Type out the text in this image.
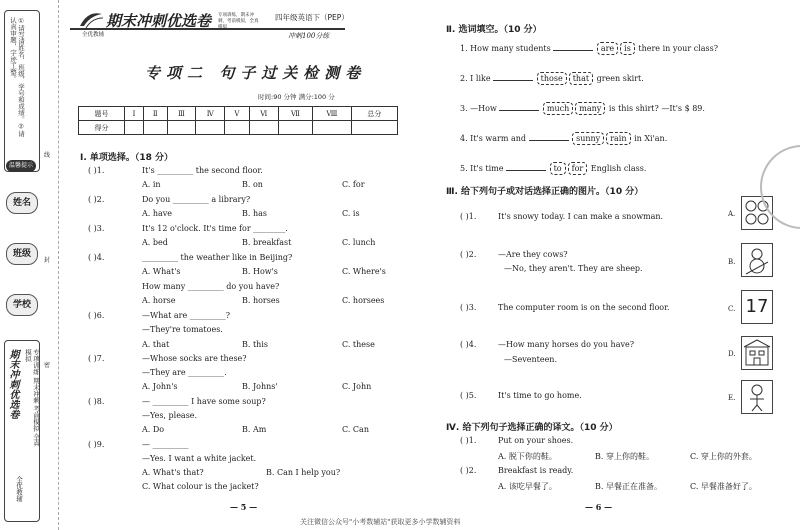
①请写清姓名、班级、学号和成绩。②请认真审题，字迹工整。
温馨提示
姓名
班级
学校
期末冲刺优选卷	专项训练 期末冲刺 考前模拟 全真模拟
全优教辅
线
封
密
全优教辅
期末冲刺优选卷 专项训练，期末冲刺，考前模拟，全真模拟
四年级英语下（PEP）
冲刺100分练
专项二 句子过关检测卷
时间:90 分钟 满分:100 分
题号	Ⅰ	Ⅱ	Ⅲ	Ⅳ	Ⅴ	Ⅵ	Ⅶ	Ⅷ	总分
得分									
Ⅰ. 单项选择。（18 分）
( )1.	It's _________ the second floor.
A. in	B. on	C. for
( )2.	Do you _________ a library?
A. have	B. has	C. is
( )3.	It's 12 o'clock. It's time for ________.
A. bed	B. breakfast	C. lunch
( )4.	_________ the weather like in Beijing?
A. What's	B. How's	C. Where's
How many _________ do you have?
A. horse	B. horses	C. horsees
( )6.	—What are _________?
—They're tomatoes.
A. that	B. this	C. these
( )7.	—Whose socks are these?
—They are _________.
A. John's	B. Johns'	C. John
( )8.	— _________ I have some soup?
—Yes, please.
A. Do	B. Am	C. Can
( )9.	— _________
—Yes. I want a white jacket.
A. What's that?	B. Can I help you?
C. What colour is the jacket?
— 5 —
Ⅱ. 选词填空。（10 分）
1. How many students	are is there in your class?
2. I like	those that green skirt.
3. —How	much many is this shirt? —It's $ 89.
4. It's warm and	sunny rain in Xi'an.
5. It's time	to for English class.
Ⅲ. 给下列句子或对话选择正确的图片。（10 分）
( )1.	It's snowy today. I can make a snowman.
( )2.	—Are they cows?
—No, they aren't. They are sheep.
( )3.	The computer room is on the second floor.
( )4.	—How many horses do you have?
—Seventeen.
( )5.	It's time to go home.
A.
B.
C. 17
D.
E.
Ⅳ. 给下列句子选择正确的译文。（10 分）
( )1.	Put on your shoes.
A. 脱下你的鞋。	B. 穿上你的鞋。	C. 穿上你的外套。
( )2.	Breakfast is ready.
A. 该吃早餐了。	B. 早餐正在准备。	C. 早餐准备好了。
— 6 —
关注微信公众号"小考数辅站"获取更多小学数辅资料
